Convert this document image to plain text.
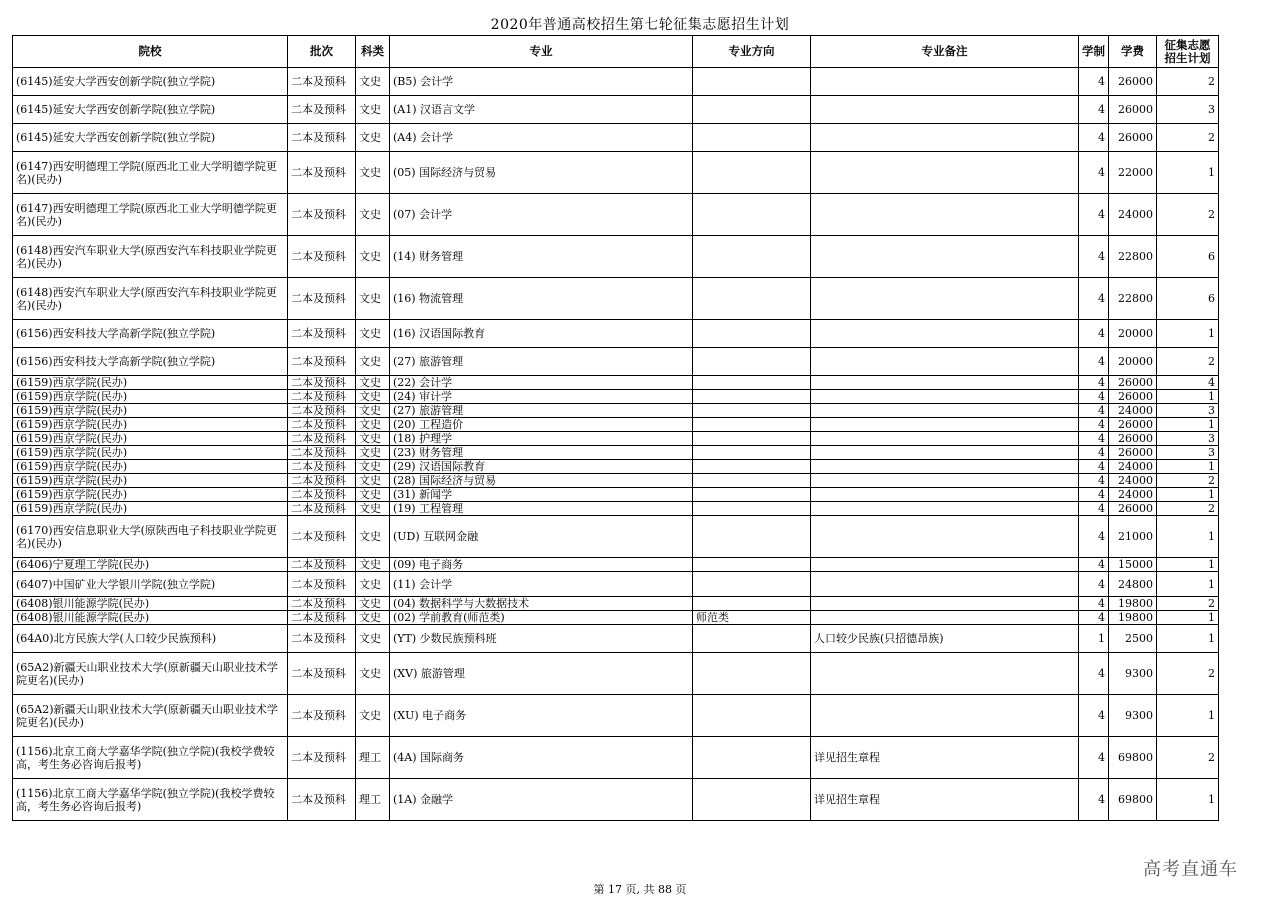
2020年普通高校招生第七轮征集志愿招生计划
院校	批次	科类	专业	专业方向	专业备注	学制	学费	征集志愿招生计划
(6145)延安大学西安创新学院(独立学院)	二本及预科	文史	(B5) 会计学			4	26000	2
(6145)延安大学西安创新学院(独立学院)	二本及预科	文史	(A1) 汉语言文学			4	26000	3
(6145)延安大学西安创新学院(独立学院)	二本及预科	文史	(A4) 会计学			4	26000	2
(6147)西安明德理工学院(原西北工业大学明德学院更名)(民办)	二本及预科	文史	(05) 国际经济与贸易			4	22000	1
(6147)西安明德理工学院(原西北工业大学明德学院更名)(民办)	二本及预科	文史	(07) 会计学			4	24000	2
(6148)西安汽车职业大学(原西安汽车科技职业学院更名)(民办)	二本及预科	文史	(14) 财务管理			4	22800	6
(6148)西安汽车职业大学(原西安汽车科技职业学院更名)(民办)	二本及预科	文史	(16) 物流管理			4	22800	6
(6156)西安科技大学高新学院(独立学院)	二本及预科	文史	(16) 汉语国际教育			4	20000	1
(6156)西安科技大学高新学院(独立学院)	二本及预科	文史	(27) 旅游管理			4	20000	2
(6159)西京学院(民办)	二本及预科	文史	(22) 会计学			4	26000	4
(6159)西京学院(民办)	二本及预科	文史	(24) 审计学			4	26000	1
(6159)西京学院(民办)	二本及预科	文史	(27) 旅游管理			4	24000	3
(6159)西京学院(民办)	二本及预科	文史	(20) 工程造价			4	26000	1
(6159)西京学院(民办)	二本及预科	文史	(18) 护理学			4	26000	3
(6159)西京学院(民办)	二本及预科	文史	(23) 财务管理			4	26000	3
(6159)西京学院(民办)	二本及预科	文史	(29) 汉语国际教育			4	24000	1
(6159)西京学院(民办)	二本及预科	文史	(28) 国际经济与贸易			4	24000	2
(6159)西京学院(民办)	二本及预科	文史	(31) 新闻学			4	24000	1
(6159)西京学院(民办)	二本及预科	文史	(19) 工程管理			4	26000	2
(6170)西安信息职业大学(原陕西电子科技职业学院更名)(民办)	二本及预科	文史	(UD) 互联网金融			4	21000	1
(6406)宁夏理工学院(民办)	二本及预科	文史	(09) 电子商务			4	15000	1
(6407)中国矿业大学银川学院(独立学院)	二本及预科	文史	(11) 会计学			4	24800	1
(6408)银川能源学院(民办)	二本及预科	文史	(04) 数据科学与大数据技术			4	19800	2
(6408)银川能源学院(民办)	二本及预科	文史	(02) 学前教育(师范类)	师范类		4	19800	1
(64A0)北方民族大学(人口较少民族预科)	二本及预科	文史	(YT) 少数民族预科班		人口较少民族(只招德昂族)	1	2500	1
(65A2)新疆天山职业技术大学(原新疆天山职业技术学院更名)(民办)	二本及预科	文史	(XV) 旅游管理			4	9300	2
(65A2)新疆天山职业技术大学(原新疆天山职业技术学院更名)(民办)	二本及预科	文史	(XU) 电子商务			4	9300	1
(1156)北京工商大学嘉华学院(独立学院)(我校学费较高，考生务必咨询后报考)	二本及预科	理工	(4A) 国际商务		详见招生章程	4	69800	2
(1156)北京工商大学嘉华学院(独立学院)(我校学费较高，考生务必咨询后报考)	二本及预科	理工	(1A) 金融学		详见招生章程	4	69800	1
第 17 页, 共 88 页
高考直通车
